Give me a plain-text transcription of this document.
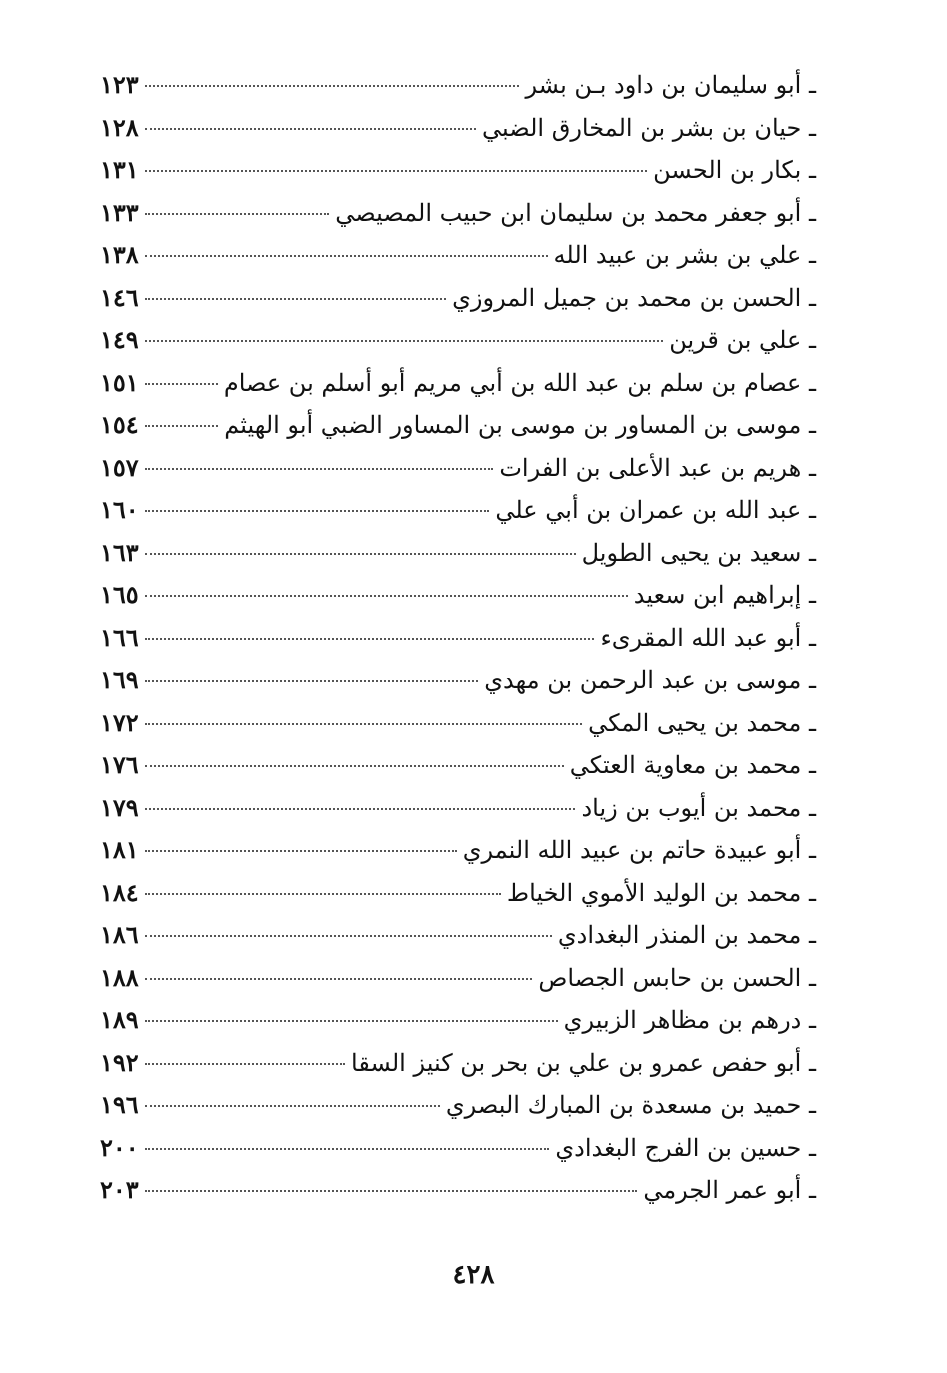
ـ أبو سليمان بن داود بـن بشر
١٢٣
ـ حيان بن بشر بن المخارق الضبي
١٢٨
ـ بكار بن الحسن
١٣١
ـ أبو جعفر محمد بن سليمان ابن حبيب المصيصي
١٣٣
ـ علي بن بشر بن عبيد الله
١٣٨
ـ الحسن بن محمد بن جميل المروزي
١٤٦
ـ علي بن قرين
١٤٩
ـ عصام بن سلم بن عبد الله بن أبي مريم أبو أسلم بن عصام
١٥١
ـ موسى بن المساور بن موسى بن المساور الضبي أبو الهيثم
١٥٤
ـ هريم بن عبد الأعلى بن الفرات
١٥٧
ـ عبد الله بن عمران بن أبي علي
١٦٠
ـ سعيد بن يحيى الطويل
١٦٣
ـ إبراهيم ابن سعيد
١٦٥
ـ أبو عبد الله المقرىء
١٦٦
ـ موسى بن عبد الرحمن بن مهدي
١٦٩
ـ محمد بن يحيى المكي
١٧٢
ـ محمد بن معاوية العتكي
١٧٦
ـ محمد بن أيوب بن زياد
١٧٩
ـ أبو عبيدة حاتم بن عبيد الله النمري
١٨١
ـ محمد بن الوليد الأموي الخياط
١٨٤
ـ محمد بن المنذر البغدادي
١٨٦
ـ الحسن بن حابس الجصاص
١٨٨
ـ درهم بن مظاهر الزبيري
١٨٩
ـ أبو حفص عمرو بن علي بن بحر بن كنيز السقا
١٩٢
ـ حميد بن مسعدة بن المبارك البصري
١٩٦
ـ حسين بن الفرج البغدادي
٢٠٠
ـ أبو عمر الجرمي
٢٠٣
٤٢٨
